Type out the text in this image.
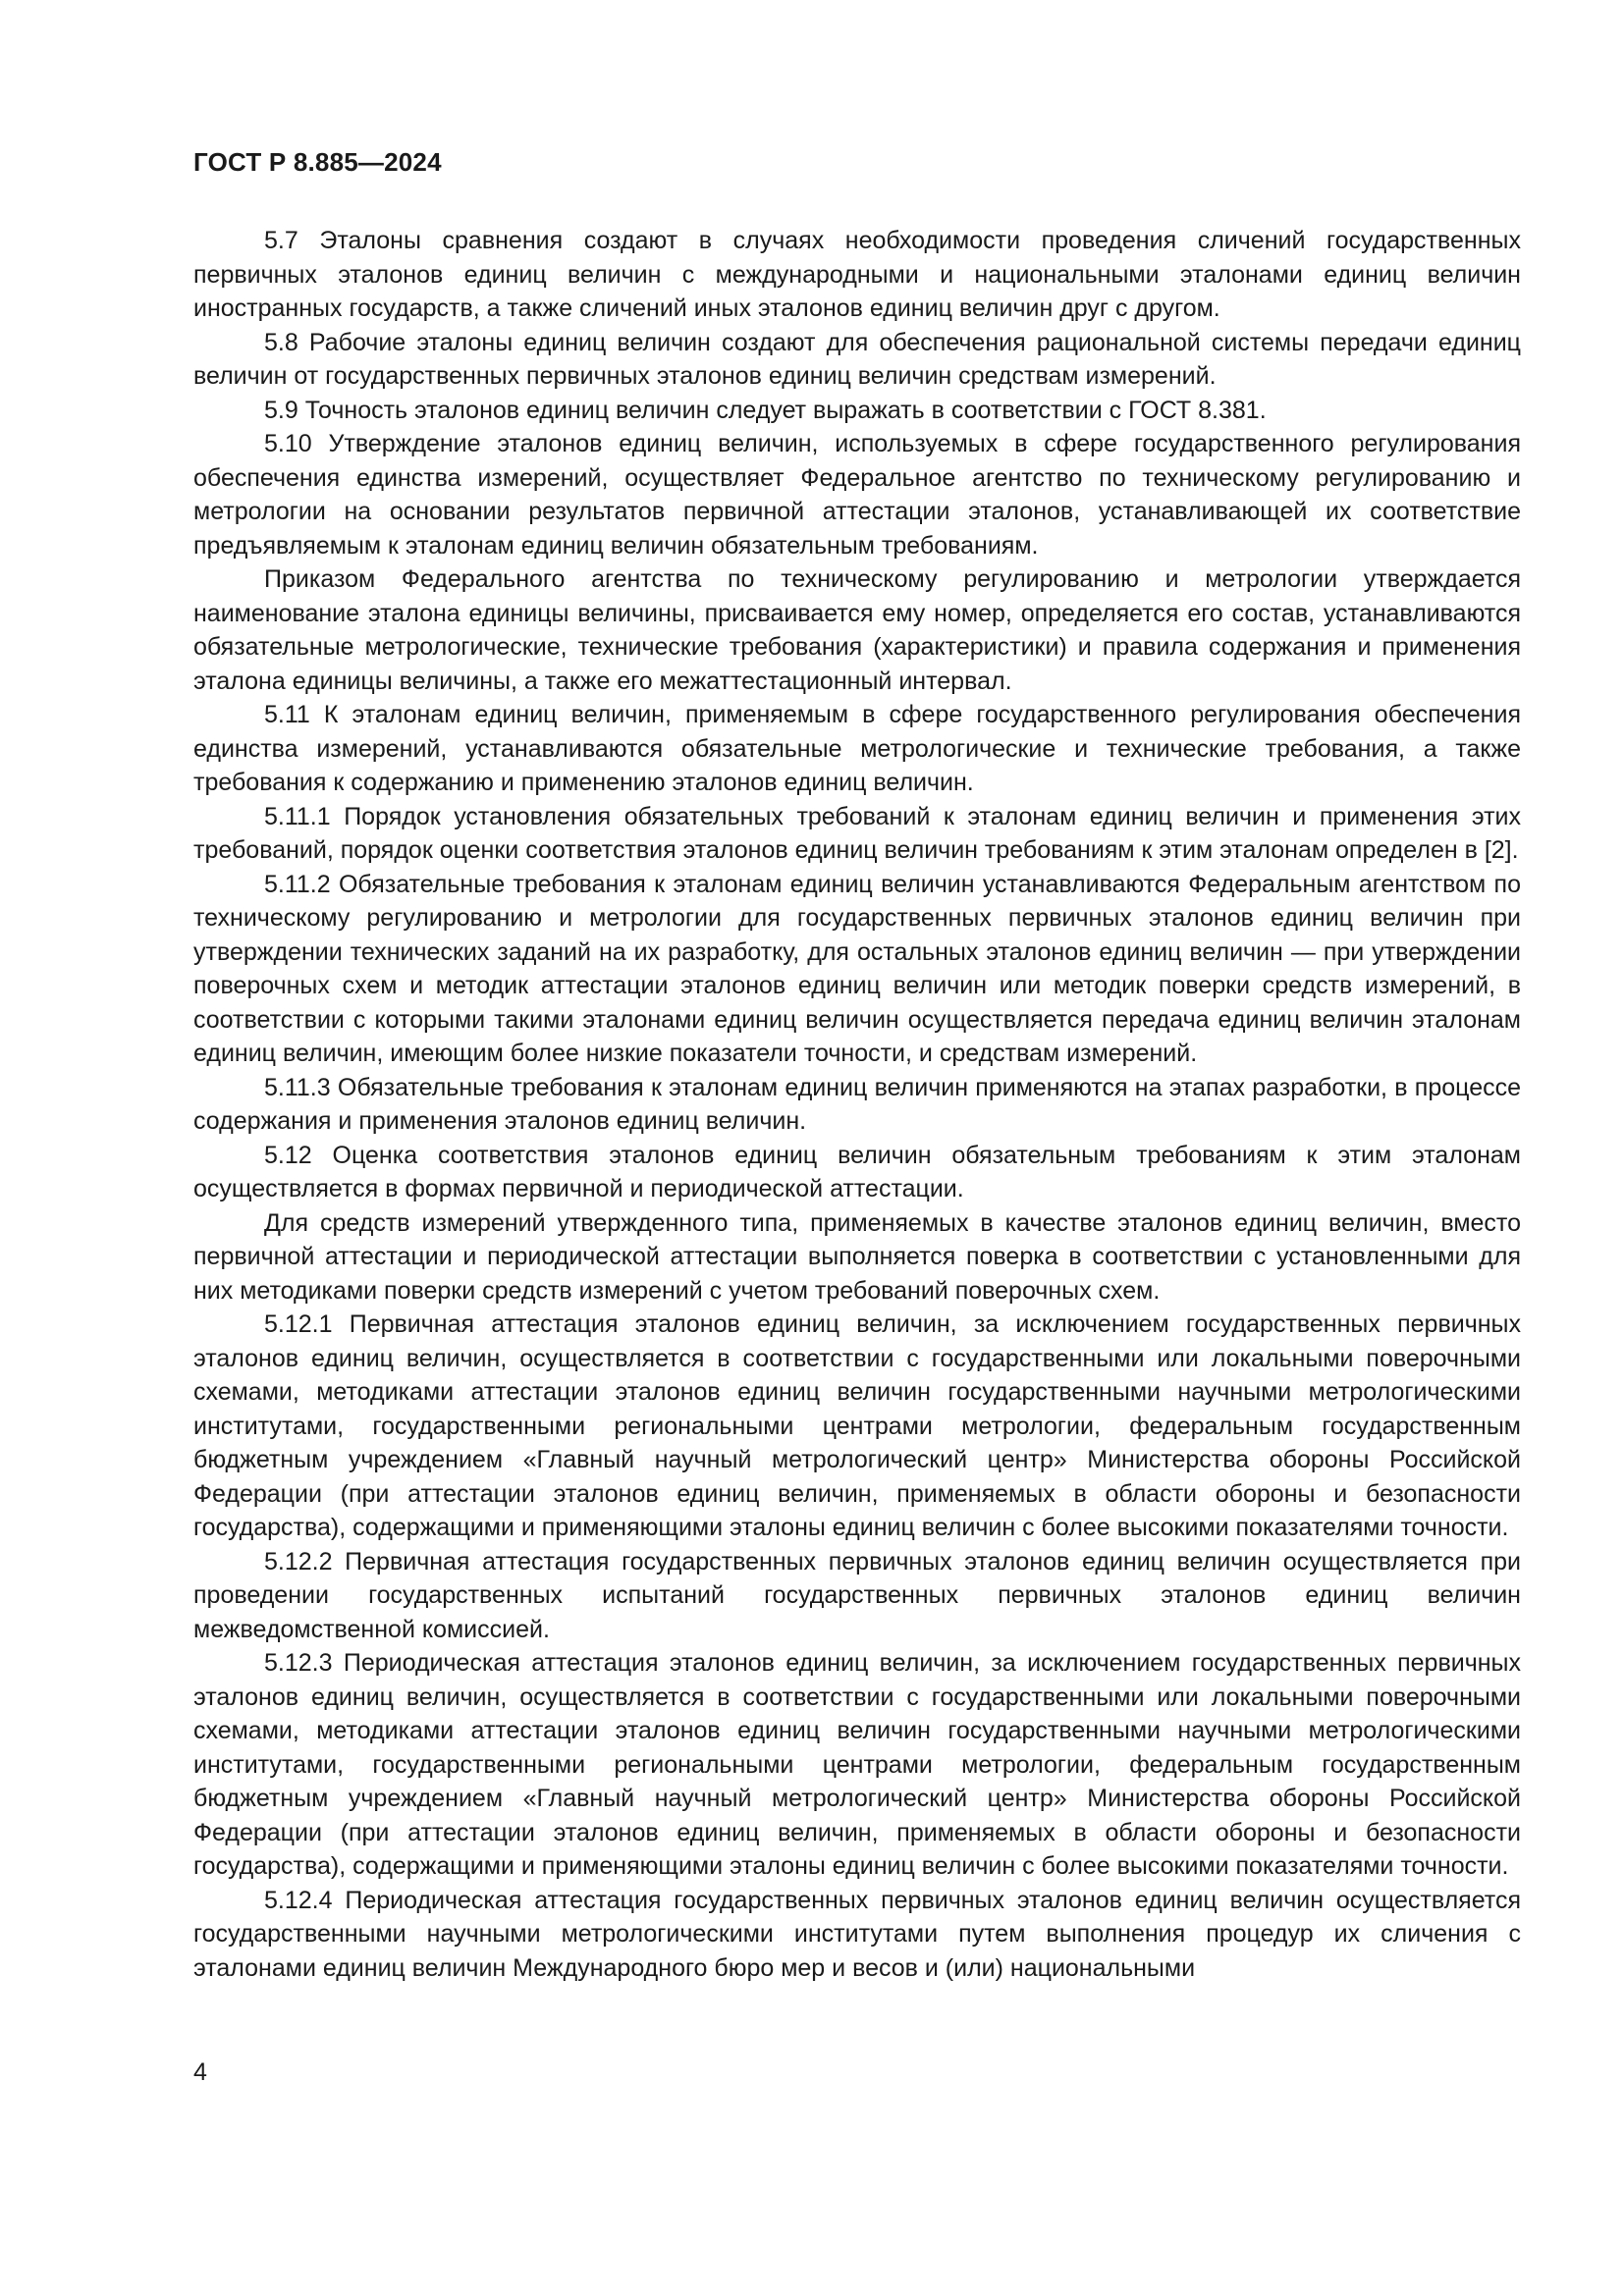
ГОСТ Р 8.885—2024

5.7 Эталоны сравнения создают в случаях необходимости проведения сличений государственных первичных эталонов единиц величин с международными и национальными эталонами единиц величин иностранных государств, а также сличений иных эталонов единиц величин друг с другом.

5.8 Рабочие эталоны единиц величин создают для обеспечения рациональной системы передачи единиц величин от государственных первичных эталонов единиц величин средствам измерений.

5.9 Точность эталонов единиц величин следует выражать в соответствии с ГОСТ 8.381.

5.10 Утверждение эталонов единиц величин, используемых в сфере государственного регулирования обеспечения единства измерений, осуществляет Федеральное агентство по техническому регулированию и метрологии на основании результатов первичной аттестации эталонов, устанавливающей их соответствие предъявляемым к эталонам единиц величин обязательным требованиям.

Приказом Федерального агентства по техническому регулированию и метрологии утверждается наименование эталона единицы величины, присваивается ему номер, определяется его состав, устанавливаются обязательные метрологические, технические требования (характеристики) и правила содержания и применения эталона единицы величины, а также его межаттестационный интервал.

5.11 К эталонам единиц величин, применяемым в сфере государственного регулирования обеспечения единства измерений, устанавливаются обязательные метрологические и технические требования, а также требования к содержанию и применению эталонов единиц величин.

5.11.1 Порядок установления обязательных требований к эталонам единиц величин и применения этих требований, порядок оценки соответствия эталонов единиц величин требованиям к этим эталонам определен в [2].

5.11.2 Обязательные требования к эталонам единиц величин устанавливаются Федеральным агентством по техническому регулированию и метрологии для государственных первичных эталонов единиц величин при утверждении технических заданий на их разработку, для остальных эталонов единиц величин — при утверждении поверочных схем и методик аттестации эталонов единиц величин или методик поверки средств измерений, в соответствии с которыми такими эталонами единиц величин осуществляется передача единиц величин эталонам единиц величин, имеющим более низкие показатели точности, и средствам измерений.

5.11.3 Обязательные требования к эталонам единиц величин применяются на этапах разработки, в процессе содержания и применения эталонов единиц величин.

5.12 Оценка соответствия эталонов единиц величин обязательным требованиям к этим эталонам осуществляется в формах первичной и периодической аттестации.

Для средств измерений утвержденного типа, применяемых в качестве эталонов единиц величин, вместо первичной аттестации и периодической аттестации выполняется поверка в соответствии с установленными для них методиками поверки средств измерений с учетом требований поверочных схем.

5.12.1 Первичная аттестация эталонов единиц величин, за исключением государственных первичных эталонов единиц величин, осуществляется в соответствии с государственными или локальными поверочными схемами, методиками аттестации эталонов единиц величин государственными научными метрологическими институтами, государственными региональными центрами метрологии, федеральным государственным бюджетным учреждением «Главный научный метрологический центр» Министерства обороны Российской Федерации (при аттестации эталонов единиц величин, применяемых в области обороны и безопасности государства), содержащими и применяющими эталоны единиц величин с более высокими показателями точности.

5.12.2 Первичная аттестация государственных первичных эталонов единиц величин осуществляется при проведении государственных испытаний государственных первичных эталонов единиц величин межведомственной комиссией.

5.12.3 Периодическая аттестация эталонов единиц величин, за исключением государственных первичных эталонов единиц величин, осуществляется в соответствии с государственными или локальными поверочными схемами, методиками аттестации эталонов единиц величин государственными научными метрологическими институтами, государственными региональными центрами метрологии, федеральным государственным бюджетным учреждением «Главный научный метрологический центр» Министерства обороны Российской Федерации (при аттестации эталонов единиц величин, применяемых в области обороны и безопасности государства), содержащими и применяющими эталоны единиц величин с более высокими показателями точности.

5.12.4 Периодическая аттестация государственных первичных эталонов единиц величин осуществляется государственными научными метрологическими институтами путем выполнения процедур их сличения с эталонами единиц величин Международного бюро мер и весов и (или) национальными

4
